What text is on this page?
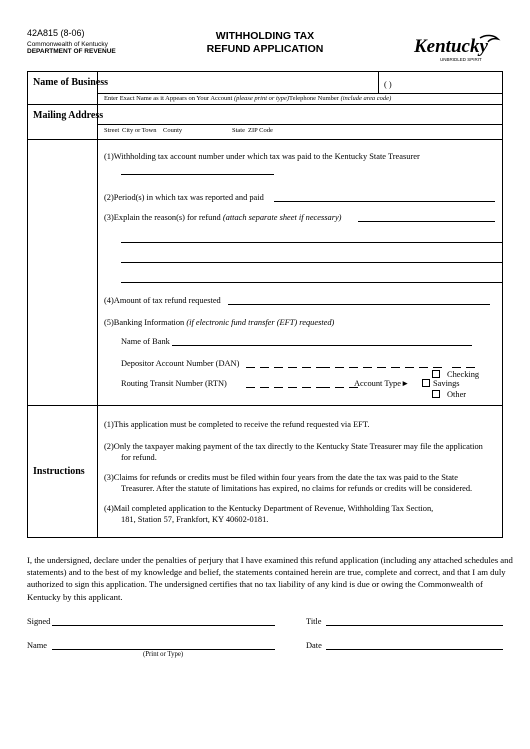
42A815 (8-06)
Commonwealth of Kentucky
DEPARTMENT OF REVENUE
WITHHOLDING TAX
REFUND APPLICATION	Kentucky
UNBRIDLED SPIRIT
Name of Business	( )
Enter Exact Name as it Appears on Your Account (please print or type)Telephone Number (include area code)
Mailing Address
Street City or Town County	State ZIP Code
(1)Withholding tax account number under which tax was paid to the Kentucky State Treasurer
(2)Period(s) in which tax was reported and paid
(3)Explain the reason(s) for refund (attach separate sheet if necessary)
(4)Amount of tax refund requested
(5)Banking Information (if electronic fund transfer (EFT) requested)
Name of Bank
Depositor Account Number (DAN)
Checking
Routing Transit Number (RTN)	Account Type►	Savings
Other
Instructions
(1)This application must be completed to receive the refund requested via EFT.
(2)Only the taxpayer making payment of the tax directly to the Kentucky State Treasurer may file the application
for refund.
(3)Claims for refunds or credits must be filed within four years from the date the tax was paid to the State
Treasurer. After the statute of limitations has expired, no claims for refunds or credits will be considered.
(4)Mail completed application to the Kentucky Department of Revenue, Withholding Tax Section,
181, Station 57, Frankfort, KY 40602-0181.
I, the undersigned, declare under the penalties of perjury that I have examined this refund application (including any attached schedules and statements) and to the best of my knowledge and belief, the statements contained herein are true, complete and correct, and that I am duly authorized to sign this application. The undersigned certifies that no tax liability of any kind is due or owing the Commonwealth of Kentucky by this applicant.
Signed	Title
Name	Date
(Print or Type)
